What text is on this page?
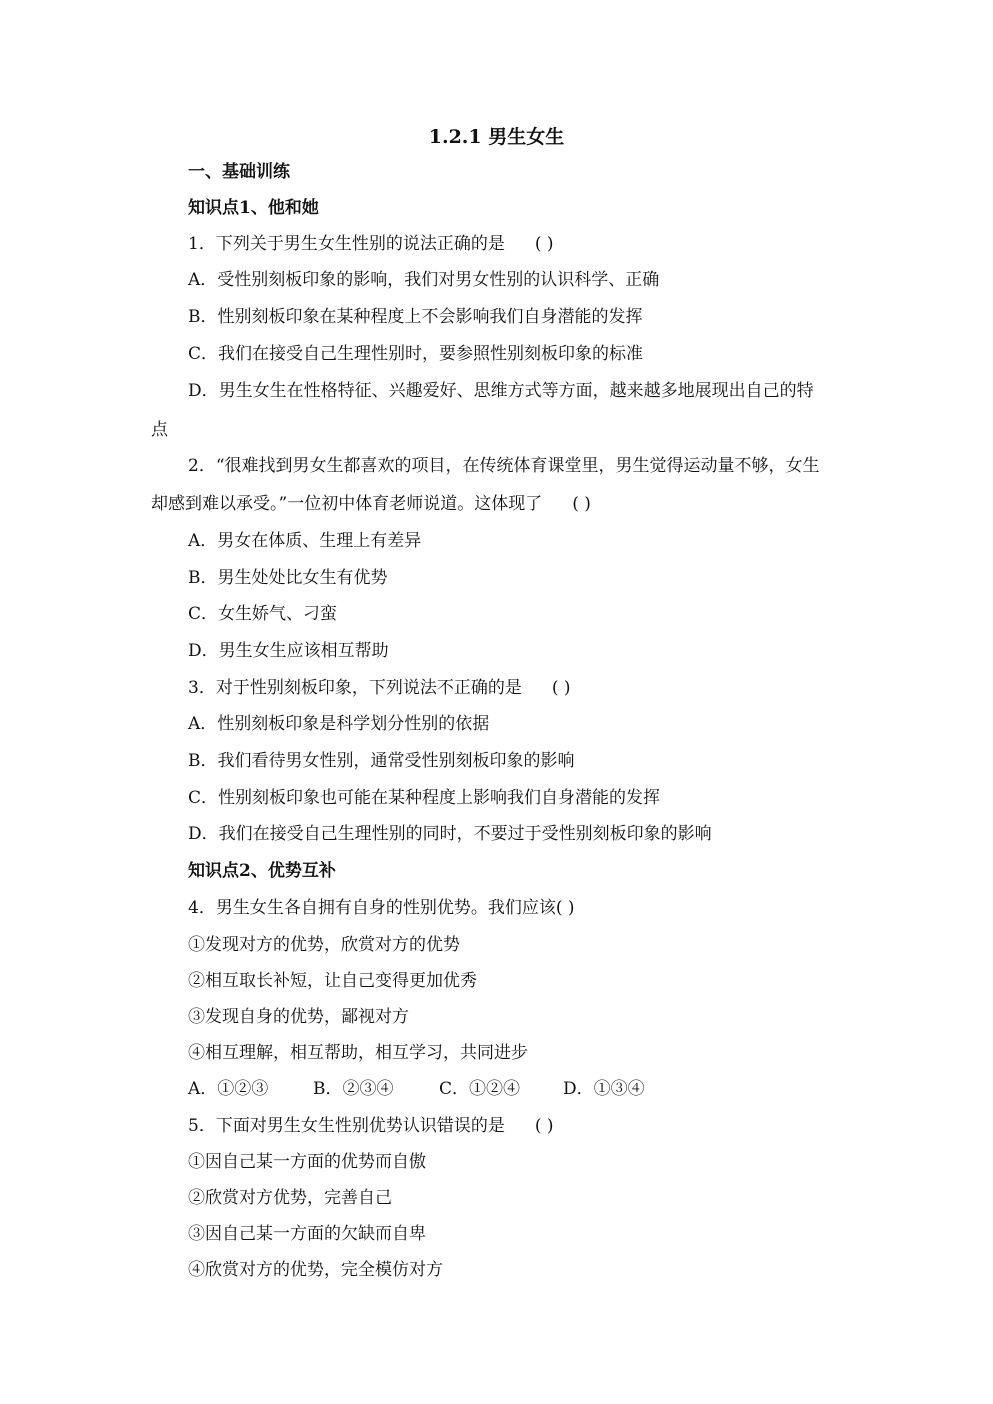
1.2.1 男生女生
一、基础训练
知识点1、他和她
1．下列关于男生女生性别的说法正确的是 ( )
A．受性别刻板印象的影响，我们对男女性别的认识科学、正确
B．性别刻板印象在某种程度上不会影响我们自身潜能的发挥
C．我们在接受自己生理性别时，要参照性别刻板印象的标准
D．男生女生在性格特征、兴趣爱好、思维方式等方面，越来越多地展现出自己的特
点
2．“很难找到男女生都喜欢的项目，在传统体育课堂里，男生觉得运动量不够，女生
却感到难以承受。”一位初中体育老师说道。这体现了 ( )
A．男女在体质、生理上有差异
B．男生处处比女生有优势
C．女生娇气、刁蛮
D．男生女生应该相互帮助
3．对于性别刻板印象，下列说法不正确的是 ( )
A．性别刻板印象是科学划分性别的依据
B．我们看待男女性别，通常受性别刻板印象的影响
C．性别刻板印象也可能在某种程度上影响我们自身潜能的发挥
D．我们在接受自己生理性别的同时，不要过于受性别刻板印象的影响
知识点2、优势互补
4．男生女生各自拥有自身的性别优势。我们应该( )
①发现对方的优势，欣赏对方的优势
②相互取长补短，让自己变得更加优秀
③发现自身的优势，鄙视对方
④相互理解，相互帮助，相互学习，共同进步
A．①②③	B．②③④	C．①②④	D．①③④
5．下面对男生女生性别优势认识错误的是 ( )
①因自己某一方面的优势而自傲
②欣赏对方优势，完善自己
③因自己某一方面的欠缺而自卑
④欣赏对方的优势，完全模仿对方
